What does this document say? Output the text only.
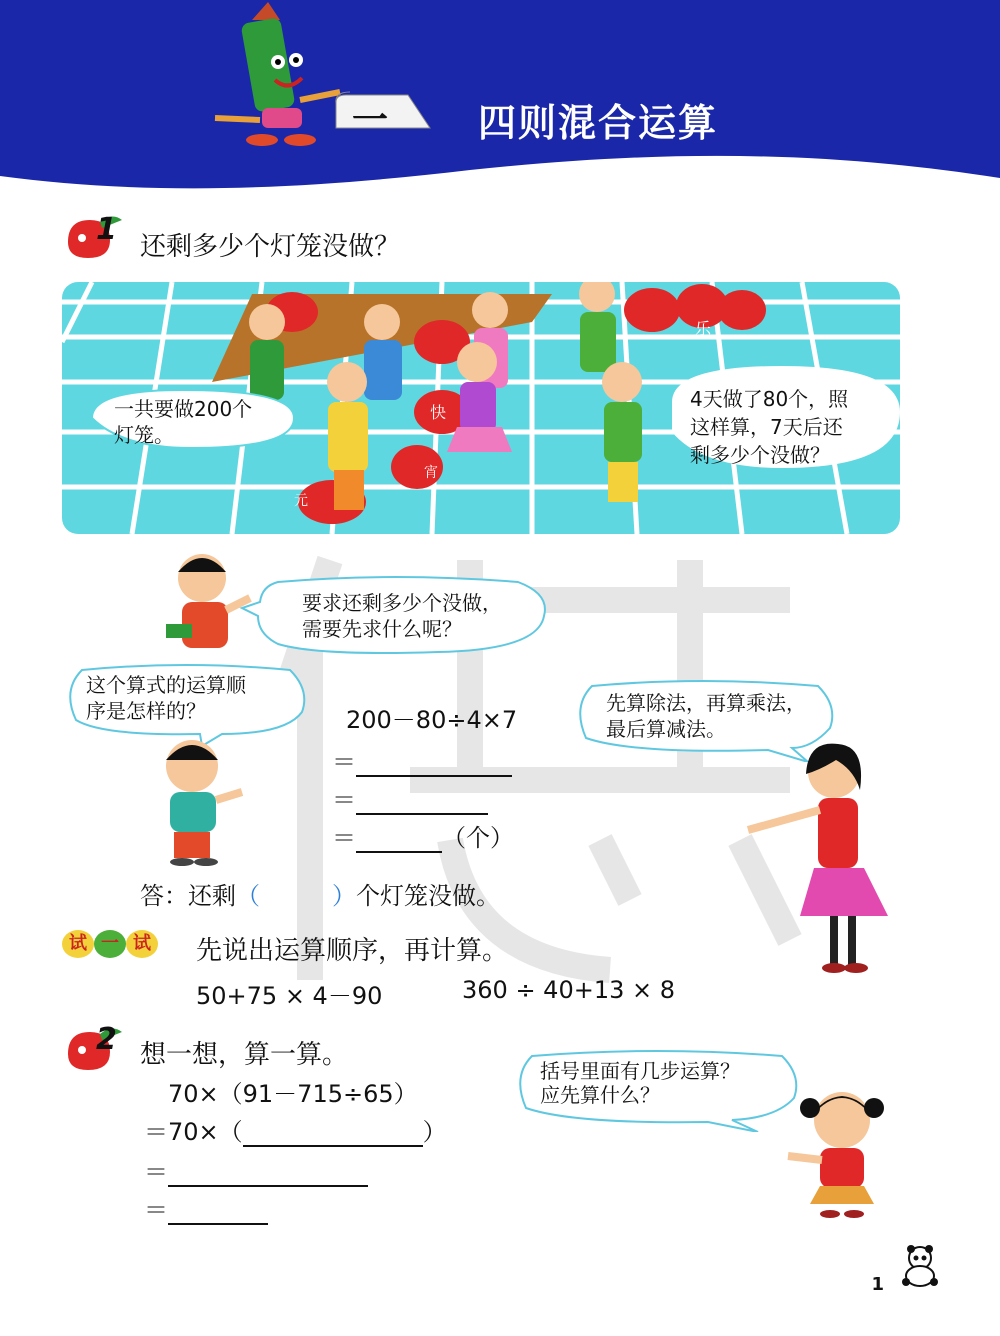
一 四则混合运算
1 还剩多少个灯笼没做？
一共要做200个
灯笼。
4天做了80个，照
这样算，7天后还
剩多少个没做？
快
乐
元
宵
要求还剩多少个没做，
需要先求什么呢？
这个算式的运算顺
序是怎样的？	200－80÷4×7
＝
＝
＝	（个）
先算除法，再算乘法，
最后算减法。
答：还剩（	）个灯笼没做。
试 一 试 先说出运算顺序，再计算。
50+75 × 4－90	360 ÷ 40+13 × 8
2 想一想，算一算。
70×（91－715÷65）
＝70×（	）
＝
＝
括号里面有几步运算？
应先算什么？
1
